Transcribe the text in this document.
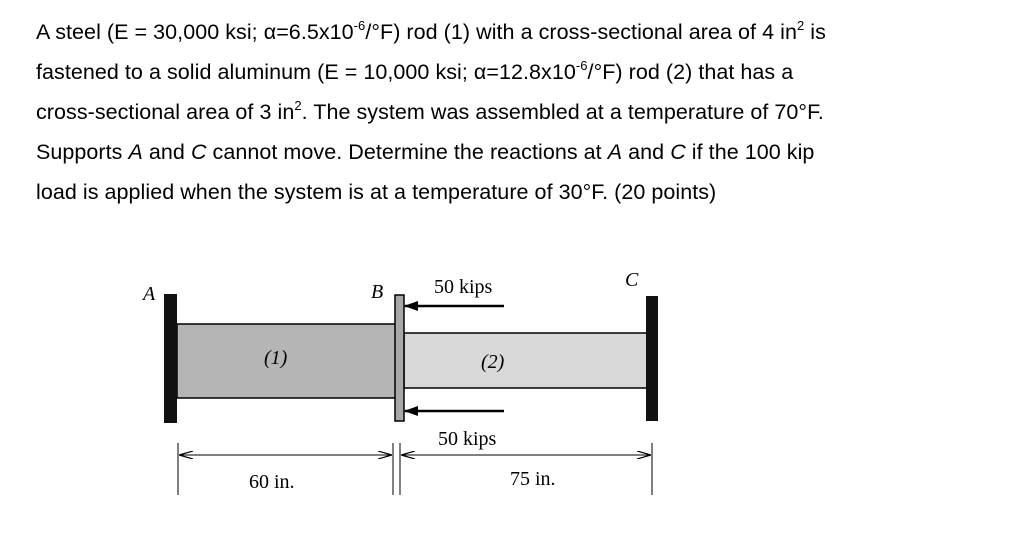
A steel (E = 30,000 ksi; $\alpha=6.5x10^{-6}/^\circ F$) rod (1) with a cross-sectional area of 4 $in^2$ is
fastened to a solid aluminum (E = 10,000 ksi; $\alpha=12.8x10^{-6}/^\circ F$) rod (2) that has a
cross-sectional area of 3 $in^2$. The system was assembled at a temperature of 70°F.
Supports A and C cannot move. Determine the reactions at A and C if the 100 kip
load is applied when the system is at a temperature of 30°F. (20 points)
A	B
C
(1)	(2)
50 kips
50 kips
60 in.	75 in.
